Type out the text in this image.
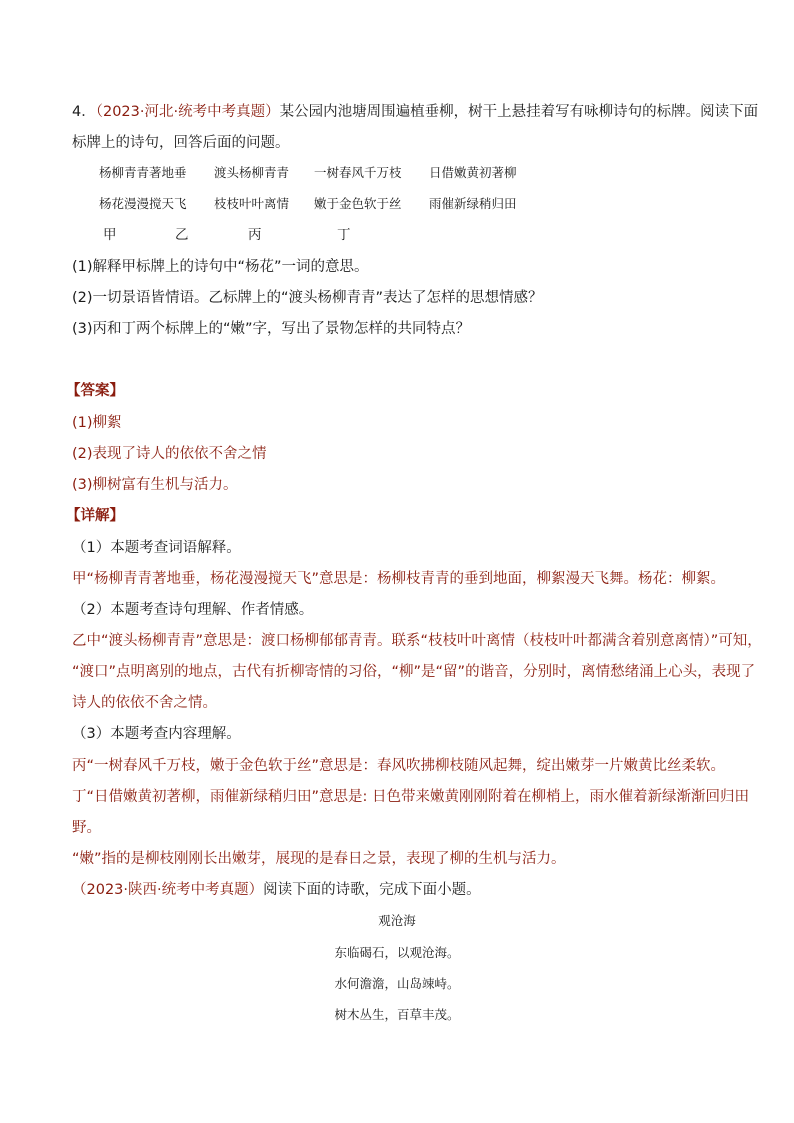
4．（2023·河北·统考中考真题）某公园内池塘周围遍植垂柳，树干上悬挂着写有咏柳诗句的标牌。阅读下面
标牌上的诗句，回答后面的问题。
杨柳青青著地垂 渡头杨柳青青 一树春风千万枝 日借嫩黄初著柳
杨花漫漫搅天飞 枝枝叶叶离情 嫩于金色软于丝 雨催新绿稍归田
甲	乙	丙	丁
(1)解释甲标牌上的诗句中“杨花”一词的意思。
(2)一切景语皆情语。乙标牌上的“渡头杨柳青青”表达了怎样的思想情感？
(3)丙和丁两个标牌上的“嫩”字，写出了景物怎样的共同特点？
【答案】
(1)柳絮
(2)表现了诗人的依依不舍之情
(3)柳树富有生机与活力。
【详解】
（1）本题考查词语解释。
甲“杨柳青青著地垂，杨花漫漫搅天飞”意思是：杨柳枝青青的垂到地面，柳絮漫天飞舞。杨花：柳絮。
（2）本题考查诗句理解、作者情感。
乙中“渡头杨柳青青”意思是：渡口杨柳郁郁青青。联系“枝枝叶叶离情（枝枝叶叶都满含着别意离情）”可知，
“渡口”点明离别的地点，古代有折柳寄情的习俗，“柳”是“留”的谐音，分别时，离情愁绪涌上心头，表现了
诗人的依依不舍之情。
（3）本题考查内容理解。
丙“一树春风千万枝，嫩于金色软于丝”意思是：春风吹拂柳枝随风起舞，绽出嫩芽一片嫩黄比丝柔软。
丁“日借嫩黄初著柳，雨催新绿稍归田”意思是: 日色带来嫩黄刚刚附着在柳梢上，雨水催着新绿渐渐回归田
野。
“嫩”指的是柳枝刚刚长出嫩芽，展现的是春日之景，表现了柳的生机与活力。
（2023·陕西·统考中考真题）阅读下面的诗歌，完成下面小题。
观沧海
东临碣石，以观沧海。
水何澹澹，山岛竦峙。
树木丛生，百草丰茂。
